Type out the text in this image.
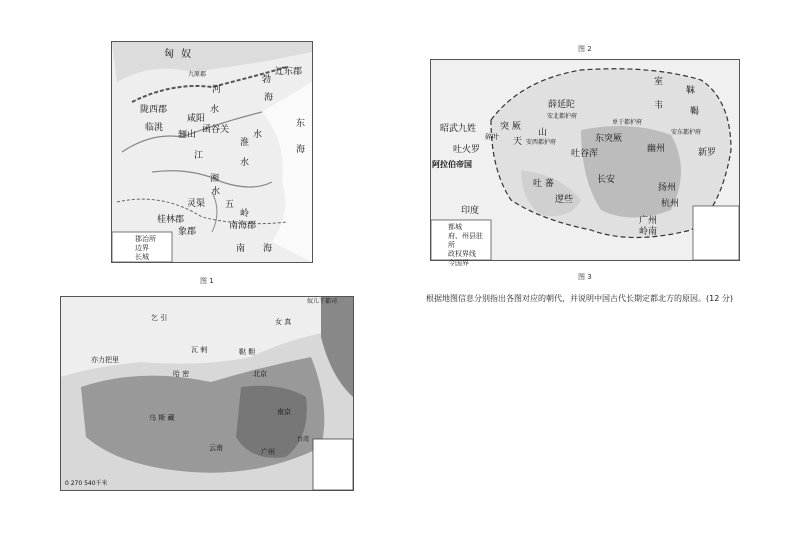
匈 奴
九原郡	辽东郡
勃
河
海
陇西郡	水
咸阳	东
临洮
骊山 函谷关	水
淮
海
江
水
湘
水
五
灵渠
岭
桂林郡
南海郡
象郡
南 海
郡治所
边界
长城
图 1
图 2
室
韦
靺
鞨
薛延陀
安北都护府
突 厥
天
山
安西都护府
昭武九姓
碎叶
单于都护府
东突厥
安东都护府
吐火罗	吐谷浑	幽州	新罗
阿拉伯帝国
吐 蕃	长安
扬州
逻些	杭州
印度
广州
岭南
都城
府、州县驻所
政权界线
今国界
图 3
根据地图信息分别指出各图对应的朝代，并说明中国古代长期定都北方的原因。(12 分)
奴儿干都司
乞 引	女 真
瓦 剌	鞑 靼
亦力把里
哈 密	北京
乌 斯 藏
南京
云南	广州
台湾
0 270 540千米
